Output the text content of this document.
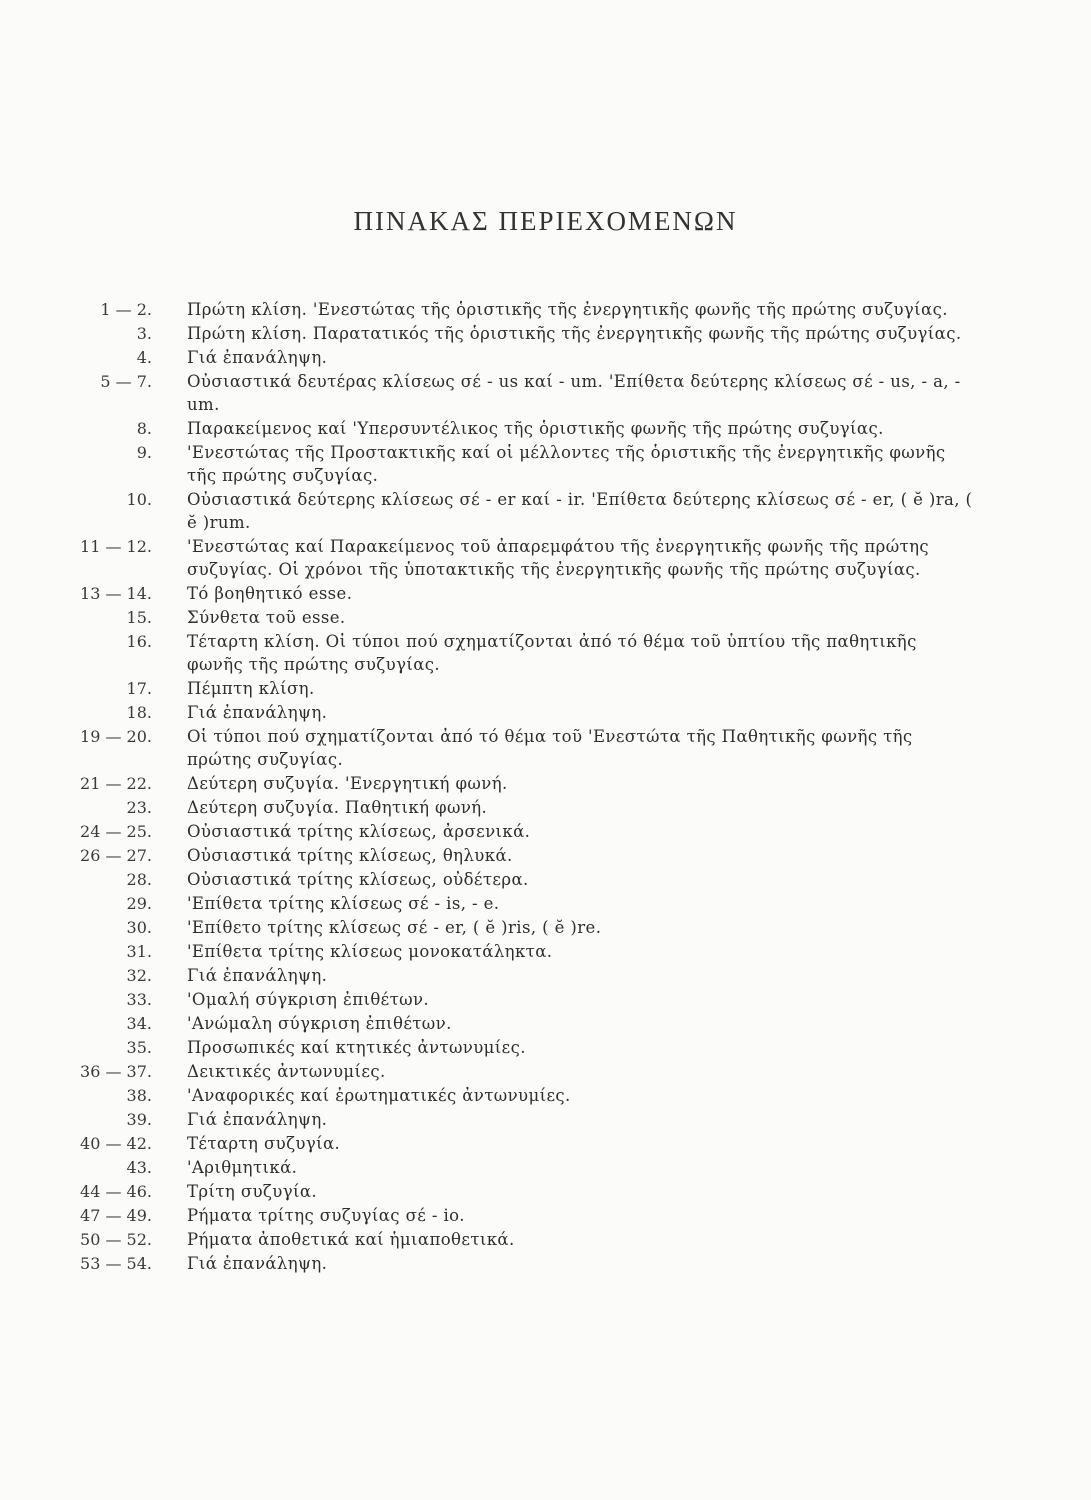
ΠΙΝΑΚΑΣ ΠΕΡΙΕΧΟΜΕΝΩΝ
1 — 2. Πρώτη κλίση. 'Ενεστώτας τῆς ὁριστικῆς τῆς ἐνεργητικῆς φωνῆς τῆς πρώτης συζυγίας.
3. Πρώτη κλίση. Παρατατικός τῆς ὁριστικῆς τῆς ἐνεργητικῆς φωνῆς τῆς πρώτης συζυγίας.
4. Γιά ἐπανάληψη.
5 — 7. Οὐσιαστικά δευτέρας κλίσεως σέ - us καί - um. 'Επίθετα δεύτερης κλίσεως σέ - us, - a, - um.
8. Παρακείμενος καί 'Υπερσυντέλικος τῆς ὁριστικῆς φωνῆς τῆς πρώτης συζυγίας.
9. 'Ενεστώτας τῆς Προστακτικῆς καί οἱ μέλλοντες τῆς ὁριστικῆς τῆς ἐνεργητικῆς φωνῆς τῆς πρώτης συζυγίας.
10. Οὐσιαστικά δεύτερης κλίσεως σέ - er καί - ir. 'Επίθετα δεύτερης κλίσεως σέ - er, ( ĕ )ra, ( ĕ )rum.
11 — 12. 'Ενεστώτας καί Παρακείμενος τοῦ ἀπαρεμφάτου τῆς ἐνεργητικῆς φωνῆς τῆς πρώτης συζυγίας. Οἱ χρόνοι τῆς ὑποτακτικῆς τῆς ἐνεργητικῆς φωνῆς τῆς πρώτης συζυγίας.
13 — 14. Τό βοηθητικό esse.
15. Σύνθετα τοῦ esse.
16. Τέταρτη κλίση. Οἱ τύποι πού σχηματίζονται ἀπό τό θέμα τοῦ ὑπτίου τῆς παθητικῆς φωνῆς τῆς πρώτης συζυγίας.
17. Πέμπτη κλίση.
18. Γιά ἐπανάληψη.
19 — 20. Οἱ τύποι πού σχηματίζονται ἀπό τό θέμα τοῦ 'Ενεστώτα τῆς Παθητικῆς φωνῆς τῆς πρώτης συζυγίας.
21 — 22. Δεύτερη συζυγία. 'Ενεργητική φωνή.
23. Δεύτερη συζυγία. Παθητική φωνή.
24 — 25. Οὐσιαστικά τρίτης κλίσεως, ἀρσενικά.
26 — 27. Οὐσιαστικά τρίτης κλίσεως, θηλυκά.
28. Οὐσιαστικά τρίτης κλίσεως, οὐδέτερα.
29. 'Επίθετα τρίτης κλίσεως σέ - is, - e.
30. 'Επίθετο τρίτης κλίσεως σέ - er, ( ĕ )ris, ( ĕ )re.
31. 'Επίθετα τρίτης κλίσεως μονοκατάληκτα.
32. Γιά ἐπανάληψη.
33. 'Ομαλή σύγκριση ἐπιθέτων.
34. 'Ανώμαλη σύγκριση ἐπιθέτων.
35. Προσωπικές καί κτητικές ἀντωνυμίες.
36 — 37. Δεικτικές ἀντωνυμίες.
38. 'Αναφορικές καί ἐρωτηματικές ἀντωνυμίες.
39. Γιά ἐπανάληψη.
40 — 42. Τέταρτη συζυγία.
43. 'Αριθμητικά.
44 — 46. Τρίτη συζυγία.
47 — 49. Ρήματα τρίτης συζυγίας σέ - io.
50 — 52. Ρήματα ἀποθετικά καί ἡμιαποθετικά.
53 — 54. Γιά ἐπανάληψη.
